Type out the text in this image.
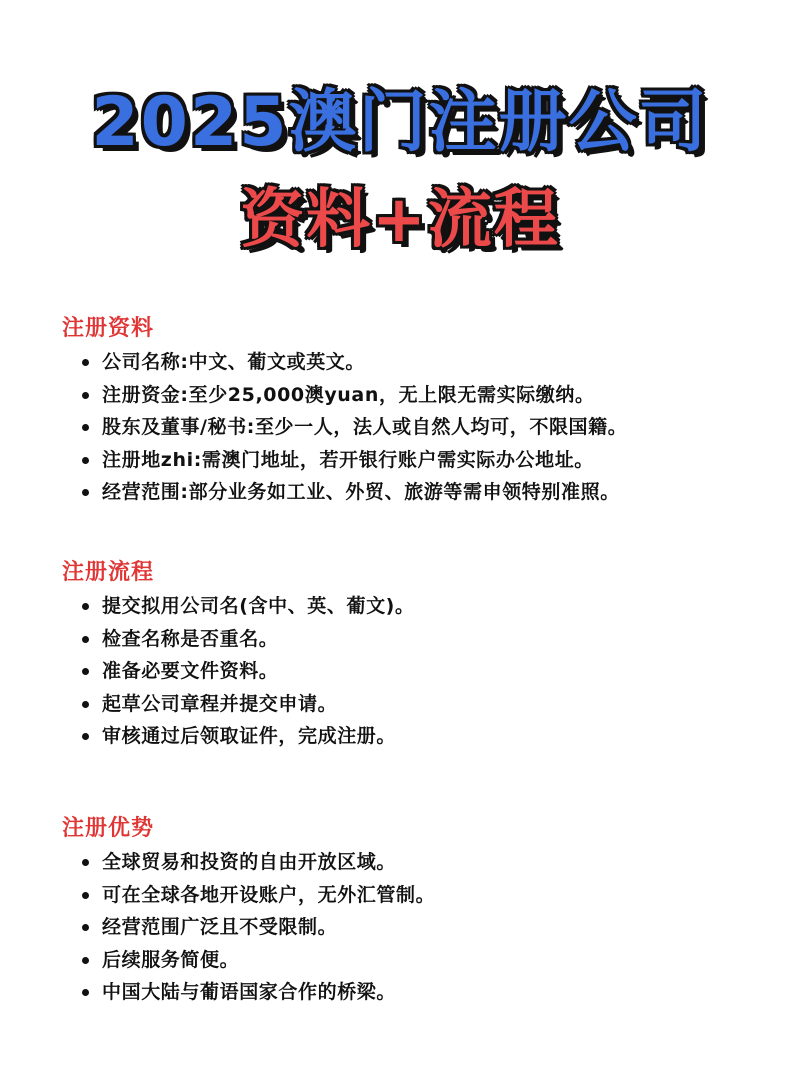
2025澳门注册公司
资料+流程
注册资料
公司名称:中文、葡文或英文。
注册资金:至少25,000澳yuan，无上限无需实际缴纳。
股东及董事/秘书:至少一人，法人或自然人均可，不限国籍。
注册地zhi:需澳门地址，若开银行账户需实际办公地址。
经营范围:部分业务如工业、外贸、旅游等需申领特别准照。
注册流程
提交拟用公司名(含中、英、葡文)。
检查名称是否重名。
准备必要文件资料。
起草公司章程并提交申请。
审核通过后领取证件，完成注册。
注册优势
全球贸易和投资的自由开放区域。
可在全球各地开设账户，无外汇管制。
经营范围广泛且不受限制。
后续服务简便。
中国大陆与葡语国家合作的桥梁。
